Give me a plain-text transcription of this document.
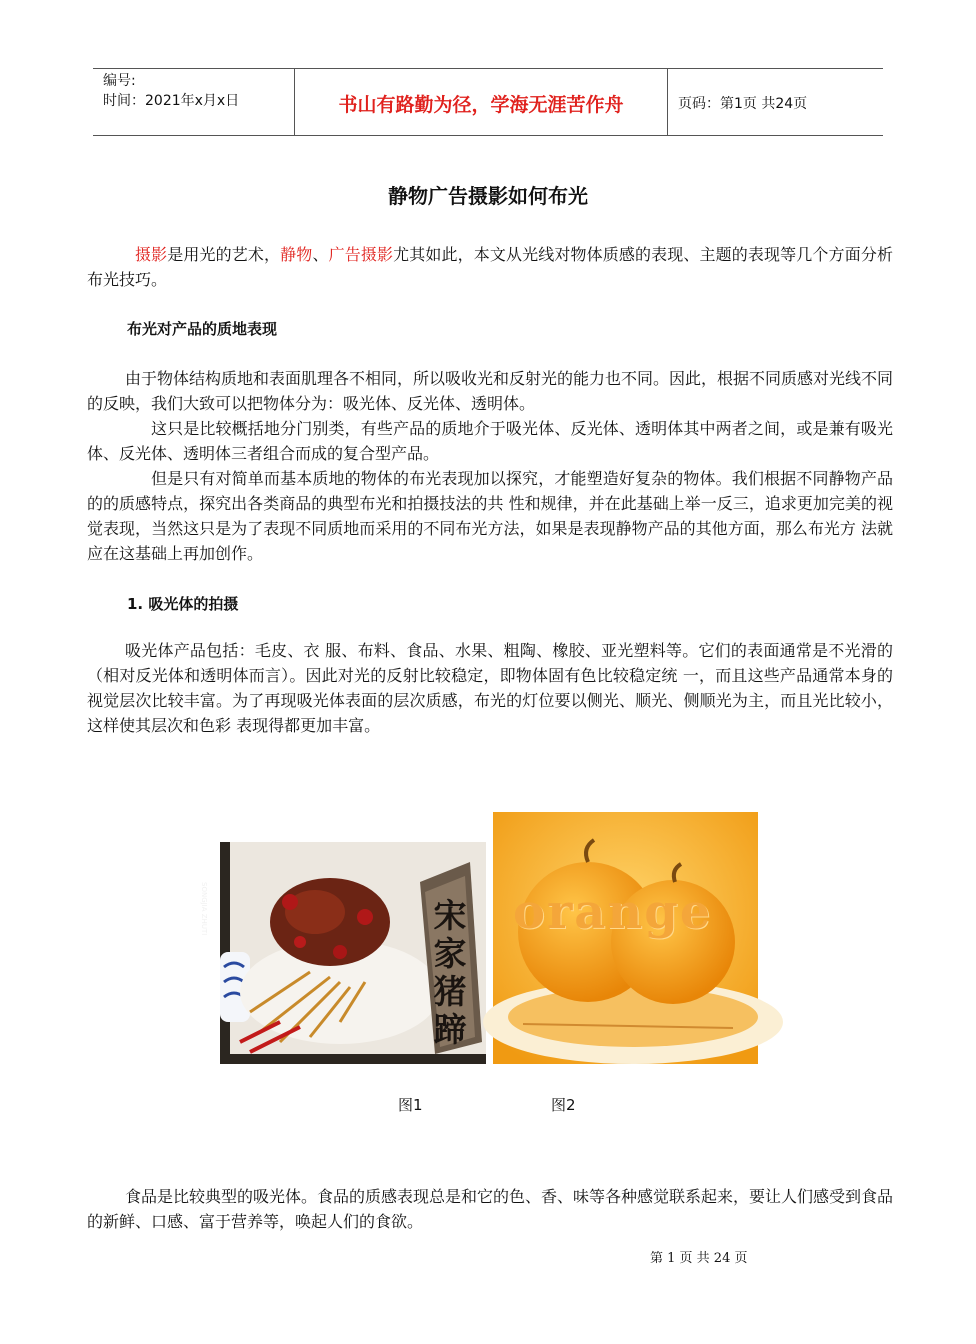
编号:
时间：2021年x月x日	书山有路勤为径，学海无涯苦作舟	页码：第1页 共24页
静物广告摄影如何布光

摄影是用光的艺术，静物、广告摄影尤其如此，本文从光线对物体质感的表现、主题的表现等几个方面分析布光技巧。

布光对产品的质地表现

由于物体结构质地和表面肌理各不相同，所以吸收光和反射光的能力也不同。因此，根据不同质感对光线不同的反映，我们大致可以把物体分为：吸光体、反光体、透明体。

这只是比较概括地分门别类，有些产品的质地介于吸光体、反光体、透明体其中两者之间，或是兼有吸光体、反光体、透明体三者组合而成的复合型产品。

但是只有对简单而基本质地的物体的布光表现加以探究，才能塑造好复杂的物体。我们根据不同静物产品的的质感特点，探究出各类商品的典型布光和拍摄技法的共 性和规律，并在此基础上举一反三，追求更加完美的视觉表现，当然这只是为了表现不同质地而采用的不同布光方法，如果是表现静物产品的其他方面，那么布光方 法就应在这基础上再加创作。

1. 吸光体的拍摄

吸光体产品包括：毛皮、衣 服、布料、食品、水果、粗陶、橡胶、亚光塑料等。它们的表面通常是不光滑的（相对反光体和透明体而言）。因此对光的反射比较稳定，即物体固有色比较稳定统 一，而且这些产品通常本身的视觉层次比较丰富。为了再现吸光体表面的层次质感，布光的灯位要以侧光、顺光、侧顺光为主，而且光比较小，这样使其层次和色彩 表现得都更加丰富。

宋家猪蹄
SONGJIA ZHUTI	orange
图1	图2

食品是比较典型的吸光体。食品的质感表现总是和它的色、香、味等各种感觉联系起来，要让人们感受到食品的新鲜、口感、富于营养等，唤起人们的食欲。

第 1 页 共 24 页
